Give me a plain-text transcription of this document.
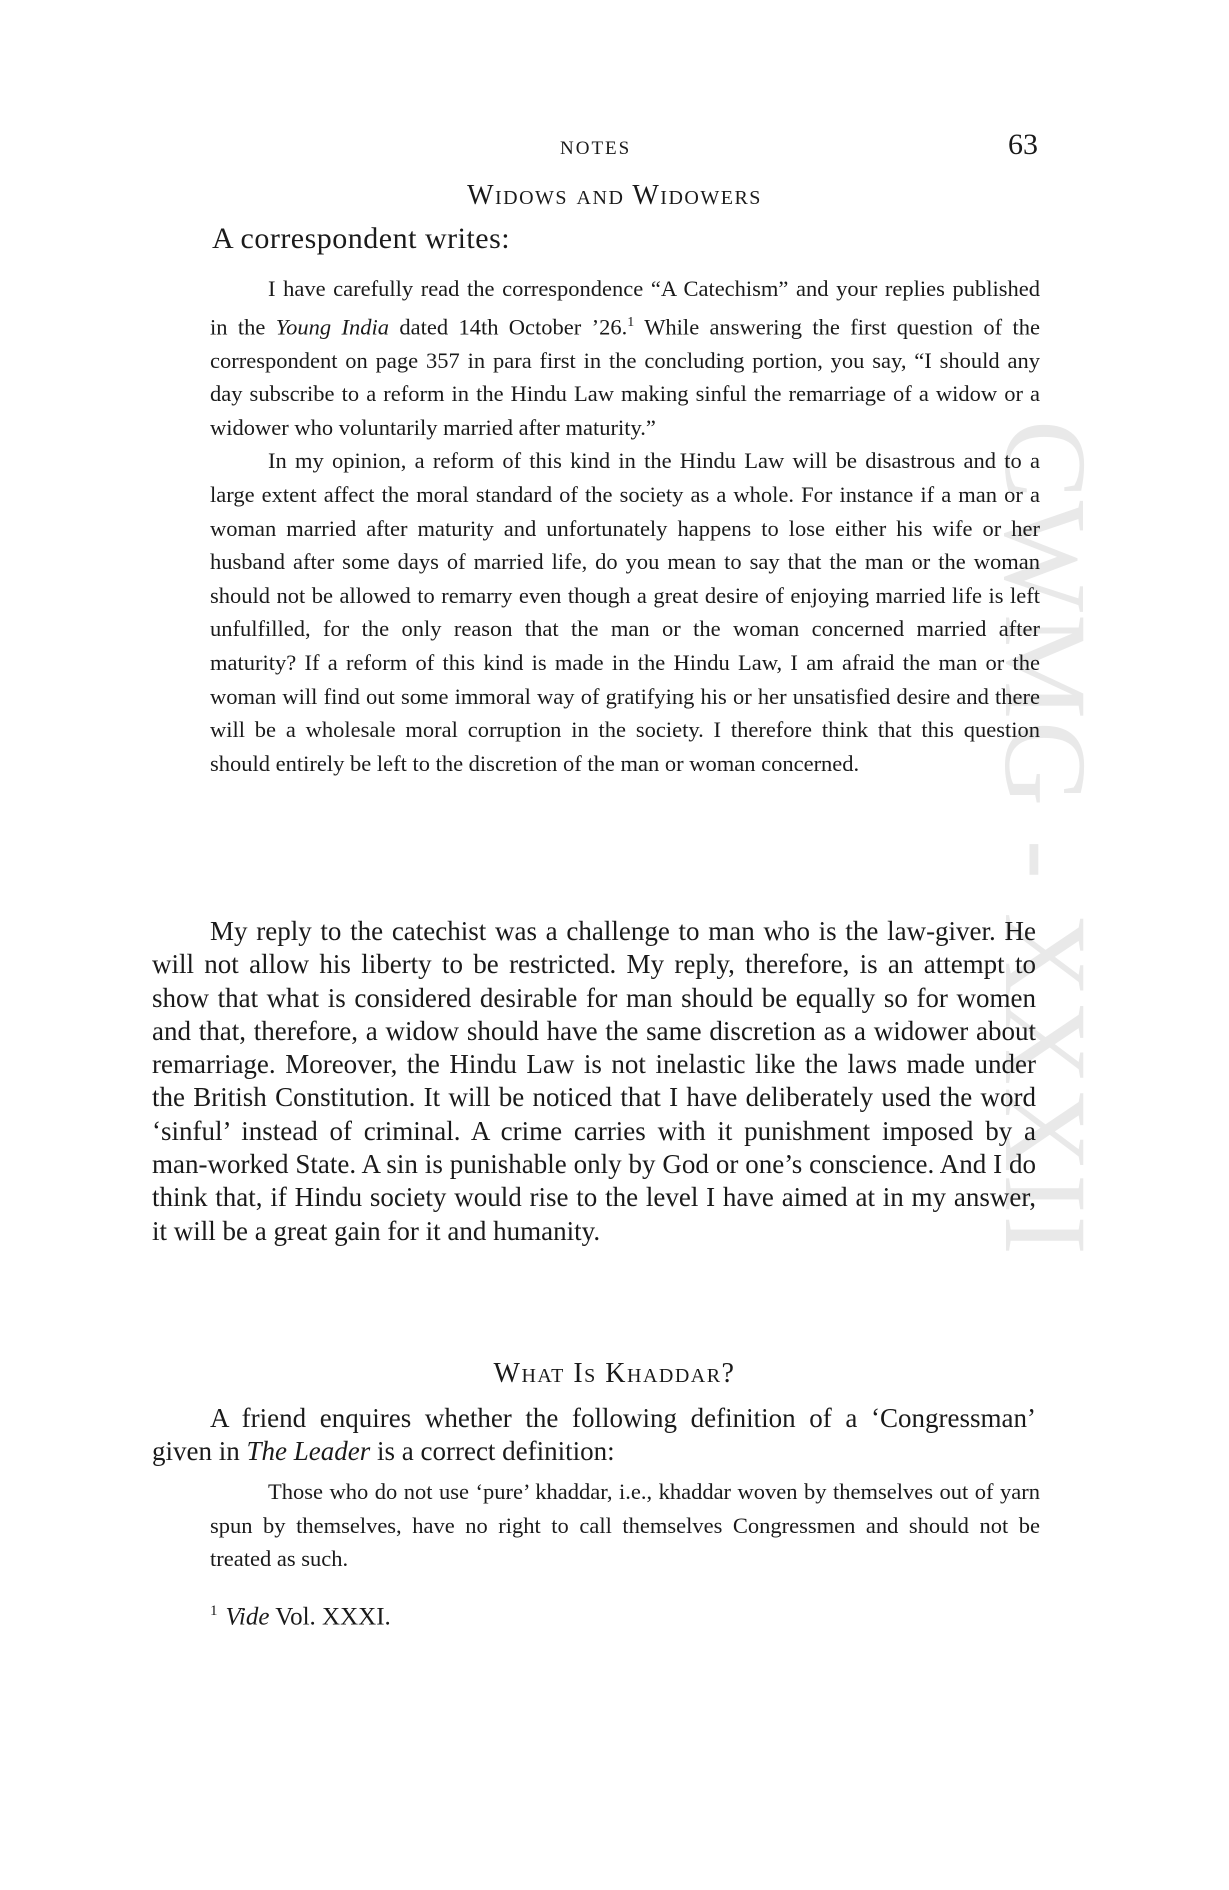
CWMG - XXXII
NOTES	63
Widows and Widowers
A correspondent writes:

I have carefully read the correspondence “A Catechism” and your replies published in the Young India dated 14th October ’26.$^1$ While answering the first question of the correspondent on page 357 in para first in the concluding portion, you say, “I should any day subscribe to a reform in the Hindu Law making sinful the remarriage of a widow or a widower who voluntarily married after maturity.”

In my opinion, a reform of this kind in the Hindu Law will be disastrous and to a large extent affect the moral standard of the society as a whole. For instance if a man or a woman married after maturity and unfortunately happens to lose either his wife or her husband after some days of married life, do you mean to say that the man or the woman should not be allowed to remarry even though a great desire of enjoying married life is left unfulfilled, for the only reason that the man or the woman concerned married after maturity? If a reform of this kind is made in the Hindu Law, I am afraid the man or the woman will find out some immoral way of gratifying his or her unsatisfied desire and there will be a wholesale moral corruption in the society. I therefore think that this question should entirely be left to the discretion of the man or woman concerned.

My reply to the catechist was a challenge to man who is the law-giver. He will not allow his liberty to be restricted. My reply, therefore, is an attempt to show that what is considered desirable for man should be equally so for women and that, therefore, a widow should have the same discretion as a widower about remarriage. Moreover, the Hindu Law is not inelastic like the laws made under the British Constitution. It will be noticed that I have deliberately used the word ‘sinful’ instead of criminal. A crime carries with it punishment imposed by a man-worked State. A sin is punishable only by God or one’s conscience. And I do think that, if Hindu society would rise to the level I have aimed at in my answer, it will be a great gain for it and humanity.

What Is Khaddar?

A friend enquires whether the following definition of a ‘Congressman’ given in The Leader is a correct definition:

Those who do not use ‘pure’ khaddar, i.e., khaddar woven by themselves out of yarn spun by themselves, have no right to call themselves Congressmen and should not be treated as such.

$^1$ Vide Vol. XXXI.
